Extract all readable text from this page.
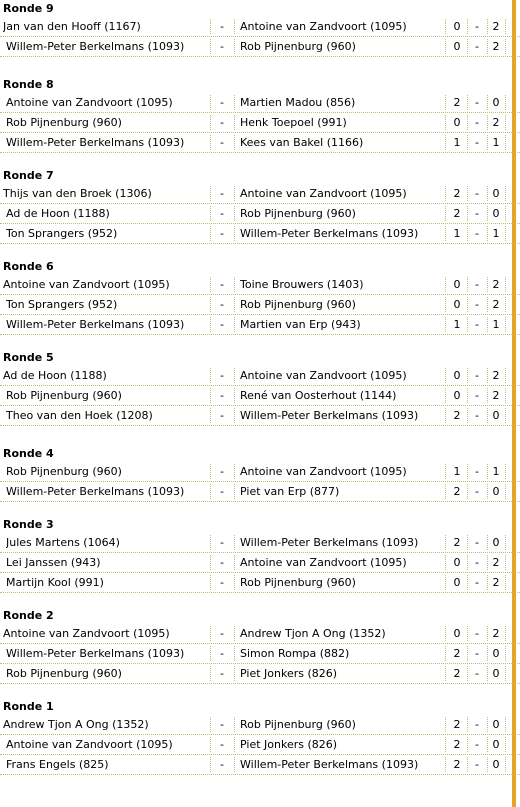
Ronde 9
Jan van den Hooff (1167)	-	Antoine van Zandvoort (1095)	0	-	2
Willem-Peter Berkelmans (1093)	-	Rob Pijnenburg (960)	0	-	2
Ronde 8
Antoine van Zandvoort (1095)	-	Martien Madou (856)	2	-	0
Rob Pijnenburg (960)	-	Henk Toepoel (991)	0	-	2
Willem-Peter Berkelmans (1093)	-	Kees van Bakel (1166)	1	-	1
Ronde 7
Thijs van den Broek (1306)	-	Antoine van Zandvoort (1095)	2	-	0
Ad de Hoon (1188)	-	Rob Pijnenburg (960)	2	-	0
Ton Sprangers (952)	-	Willem-Peter Berkelmans (1093)	1	-	1
Ronde 6
Antoine van Zandvoort (1095)	-	Toine Brouwers (1403)	0	-	2
Ton Sprangers (952)	-	Rob Pijnenburg (960)	0	-	2
Willem-Peter Berkelmans (1093)	-	Martien van Erp (943)	1	-	1
Ronde 5
Ad de Hoon (1188)	-	Antoine van Zandvoort (1095)	0	-	2
Rob Pijnenburg (960)	-	René van Oosterhout (1144)	0	-	2
Theo van den Hoek (1208)	-	Willem-Peter Berkelmans (1093)	2	-	0
Ronde 4
Rob Pijnenburg (960)	-	Antoine van Zandvoort (1095)	1	-	1
Willem-Peter Berkelmans (1093)	-	Piet van Erp (877)	2	-	0
Ronde 3
Jules Martens (1064)	-	Willem-Peter Berkelmans (1093)	2	-	0
Lei Janssen (943)	-	Antoine van Zandvoort (1095)	0	-	2
Martijn Kool (991)	-	Rob Pijnenburg (960)	0	-	2
Ronde 2
Antoine van Zandvoort (1095)	-	Andrew Tjon A Ong (1352)	0	-	2
Willem-Peter Berkelmans (1093)	-	Simon Rompa (882)	2	-	0
Rob Pijnenburg (960)	-	Piet Jonkers (826)	2	-	0
Ronde 1
Andrew Tjon A Ong (1352)	-	Rob Pijnenburg (960)	2	-	0
Antoine van Zandvoort (1095)	-	Piet Jonkers (826)	2	-	0
Frans Engels (825)	-	Willem-Peter Berkelmans (1093)	2	-	0
